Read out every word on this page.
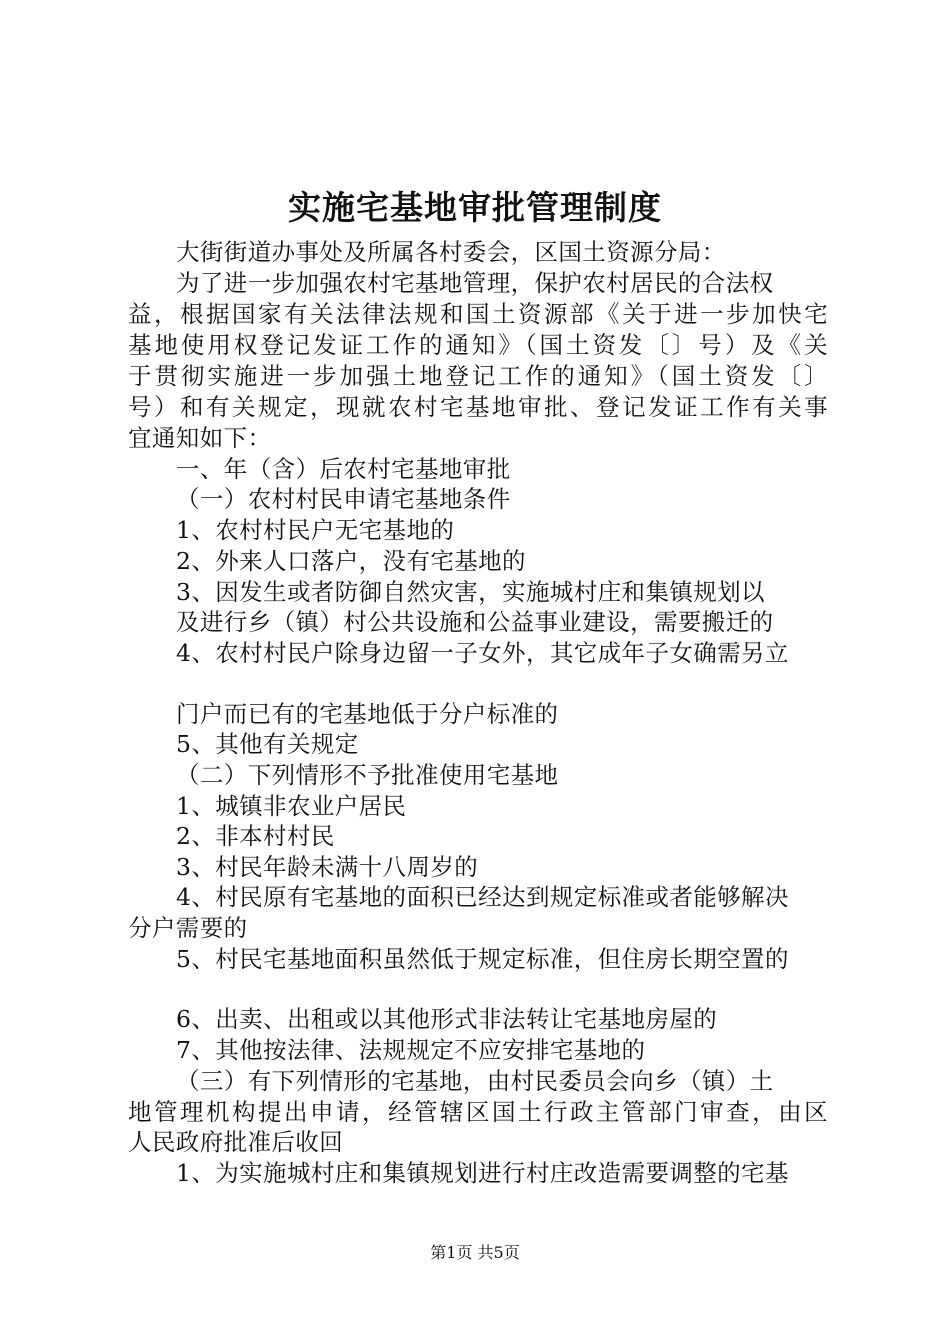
实施宅基地审批管理制度
大街街道办事处及所属各村委会，区国土资源分局：
为了进一步加强农村宅基地管理，保护农村居民的合法权
益，根据国家有关法律法规和国土资源部《关于进一步加快宅
基地使用权登记发证工作的通知》（国土资发〔〕号）及《关
于贯彻实施进一步加强土地登记工作的通知》（国土资发〔〕
号）和有关规定，现就农村宅基地审批、登记发证工作有关事
宜通知如下：
一、年（含）后农村宅基地审批
（一）农村村民申请宅基地条件
1、农村村民户无宅基地的
2、外来人口落户，没有宅基地的
3、因发生或者防御自然灾害，实施城村庄和集镇规划以
及进行乡（镇）村公共设施和公益事业建设，需要搬迁的
4、农村村民户除身边留一子女外，其它成年子女确需另立
门户而已有的宅基地低于分户标准的
5、其他有关规定
（二）下列情形不予批准使用宅基地
1、城镇非农业户居民
2、非本村村民
3、村民年龄未满十八周岁的
4、村民原有宅基地的面积已经达到规定标准或者能够解决
分户需要的
5、村民宅基地面积虽然低于规定标准，但住房长期空置的
6、出卖、出租或以其他形式非法转让宅基地房屋的
7、其他按法律、法规规定不应安排宅基地的
（三）有下列情形的宅基地，由村民委员会向乡（镇）土
地管理机构提出申请，经管辖区国土行政主管部门审查，由区
人民政府批准后收回
1、为实施城村庄和集镇规划进行村庄改造需要调整的宅基
第1页 共5页
